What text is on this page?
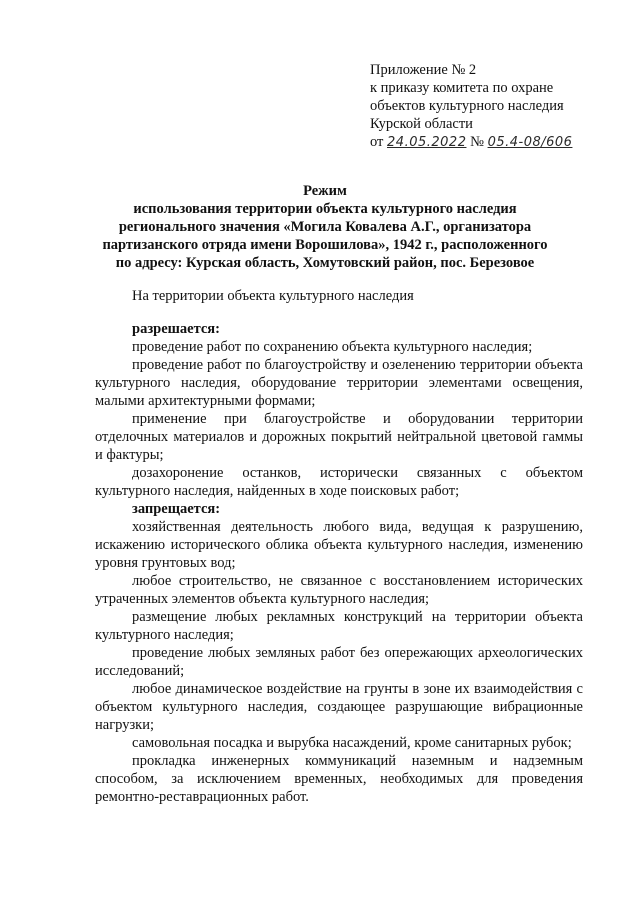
Приложение № 2
к приказу комитета по охране
объектов культурного наследия
Курской области
от 24.05.2022 № 05.4-08/606
Режим
использования территории объекта культурного наследия
регионального значения «Могила Ковалева А.Г., организатора
партизанского отряда имени Ворошилова», 1942 г., расположенного
по адресу: Курская область, Хомутовский район, пос. Березовое
На территории объекта культурного наследия
разрешается:
проведение работ по сохранению объекта культурного наследия;
проведение работ по благоустройству и озеленению территории объекта культурного наследия, оборудование территории элементами освещения, малыми архитектурными формами;
применение при благоустройстве и оборудовании территории отделочных материалов и дорожных покрытий нейтральной цветовой гаммы и фактуры;
дозахоронение останков, исторически связанных с объектом культурного наследия, найденных в ходе поисковых работ;
запрещается:
хозяйственная деятельность любого вида, ведущая к разрушению, искажению исторического облика объекта культурного наследия, изменению уровня грунтовых вод;
любое строительство, не связанное с восстановлением исторических утраченных элементов объекта культурного наследия;
размещение любых рекламных конструкций на территории объекта культурного наследия;
проведение любых земляных работ без опережающих археологических исследований;
любое динамическое воздействие на грунты в зоне их взаимодействия с объектом культурного наследия, создающее разрушающие вибрационные нагрузки;
самовольная посадка и вырубка насаждений, кроме санитарных рубок;
прокладка инженерных коммуникаций наземным и надземным способом, за исключением временных, необходимых для проведения ремонтно-реставрационных работ.
